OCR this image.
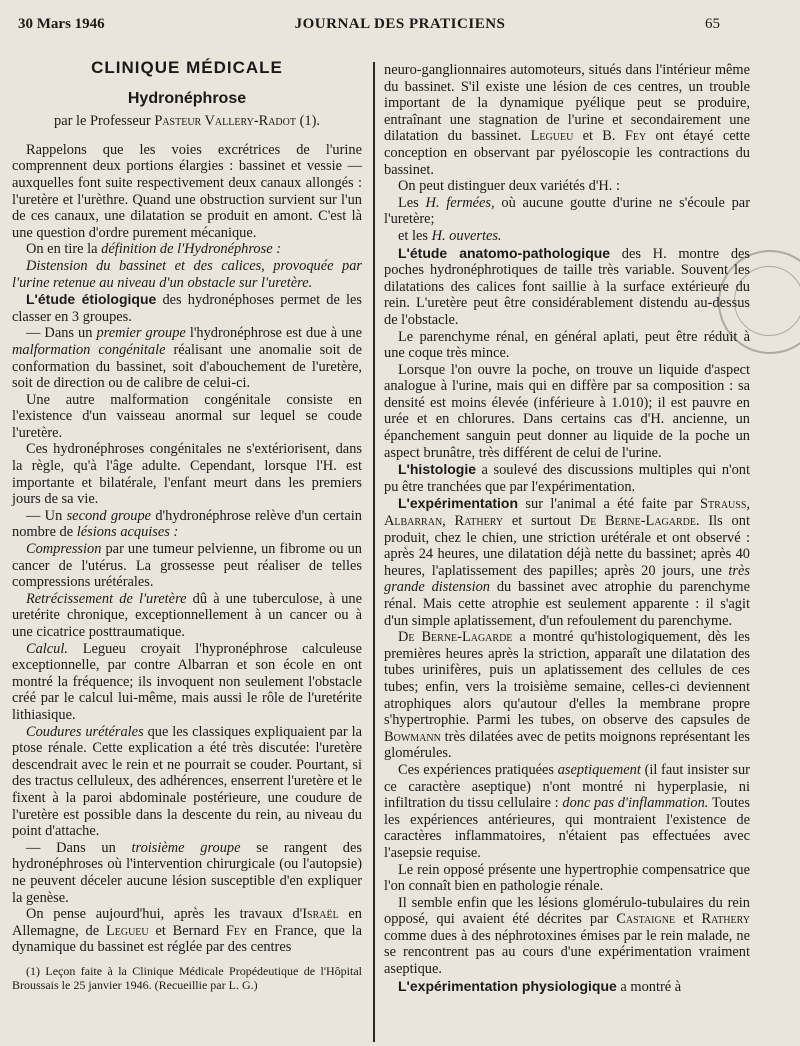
30 Mars 1946	JOURNAL DES PRATICIENS	65
CLINIQUE MÉDICALE
Hydronéphrose
par le Professeur Pasteur Vallery-Radot (1).

Rappelons que les voies excrétrices de l'urine comprennent deux portions élargies : bassinet et vessie — auxquelles font suite respectivement deux canaux allongés : l'uretère et l'urèthre. Quand une obstruction survient sur l'un de ces canaux, une dilatation se produit en amont. C'est là une question d'ordre purement mécanique.

On en tire la définition de l'Hydronéphrose :

Distension du bassinet et des calices, provoquée par l'urine retenue au niveau d'un obstacle sur l'uretère.

L'étude étiologique des hydronéphoses permet de les classer en 3 groupes.

— Dans un premier groupe l'hydronéphrose est due à une malformation congénitale réalisant une anomalie soit de conformation du bassinet, soit d'abouchement de l'uretère, soit de direction ou de calibre de celui-ci.

Une autre malformation congénitale consiste en l'existence d'un vaisseau anormal sur lequel se coude l'uretère.

Ces hydronéphroses congénitales ne s'extériorisent, dans la règle, qu'à l'âge adulte. Cependant, lorsque l'H. est importante et bilatérale, l'enfant meurt dans les premiers jours de sa vie.

— Un second groupe d'hydronéphrose relève d'un certain nombre de lésions acquises :

Compression par une tumeur pelvienne, un fibrome ou un cancer de l'utérus. La grossesse peut réaliser de telles compressions urétérales.

Retrécissement de l'uretère dû à une tuberculose, à une uretérite chronique, exceptionnellement à un cancer ou à une cicatrice posttraumatique.

Calcul. Legueu croyait l'hypronéphrose calculeuse exceptionnelle, par contre Albarran et son école en ont montré la fréquence; ils invoquent non seulement l'obstacle créé par le calcul lui-même, mais aussi le rôle de l'uretérite lithiasique.

Coudures urétérales que les classiques expliquaient par la ptose rénale. Cette explication a été très discutée: l'uretère descendrait avec le rein et ne pourrait se couder. Pourtant, si des tractus celluleux, des adhérences, enserrent l'uretère et le fixent à la paroi abdominale postérieure, une coudure de l'uretère est possible dans la descente du rein, au niveau du point d'attache.

— Dans un troisième groupe se rangent des hydronéphroses où l'intervention chirurgicale (ou l'autopsie) ne peuvent déceler aucune lésion susceptible d'en expliquer la genèse.

On pense aujourd'hui, après les travaux d'Israël en Allemagne, de Legueu et Bernard Fey en France, que la dynamique du bassinet est réglée par des centres

(1) Leçon faite à la Clinique Médicale Propédeutique de l'Hôpital Broussais le 25 janvier 1946. (Recueillie par L. G.)

neuro-ganglionnaires automoteurs, situés dans l'intérieur même du bassinet. S'il existe une lésion de ces centres, un trouble important de la dynamique pyélique peut se produire, entraînant une stagnation de l'urine et secondairement une dilatation du bassinet. Legueu et B. Fey ont étayé cette conception en observant par pyéloscopie les contractions du bassinet.

On peut distinguer deux variétés d'H. :

Les H. fermées, où aucune goutte d'urine ne s'écoule par l'uretère;

et les H. ouvertes.

L'étude anatomo-pathologique des H. montre des poches hydronéphrotiques de taille très variable. Souvent les dilatations des calices font saillie à la surface extérieure du rein. L'uretère peut être considérablement distendu au-dessus de l'obstacle.

Le parenchyme rénal, en général aplati, peut être réduit à une coque très mince.

Lorsque l'on ouvre la poche, on trouve un liquide d'aspect analogue à l'urine, mais qui en diffère par sa composition : sa densité est moins élevée (inférieure à 1.010); il est pauvre en urée et en chlorures. Dans certains cas d'H. ancienne, un épanchement sanguin peut donner au liquide de la poche un aspect brunâtre, très différent de celui de l'urine.

L'histologie a soulevé des discussions multiples qui n'ont pu être tranchées que par l'expérimentation.

L'expérimentation sur l'animal a été faite par Strauss, Albarran, Rathery et surtout De Berne-Lagarde. Ils ont produit, chez le chien, une striction urétérale et ont observé : après 24 heures, une dilatation déjà nette du bassinet; après 40 heures, l'aplatissement des papilles; après 20 jours, une très grande distension du bassinet avec atrophie du parenchyme rénal. Mais cette atrophie est seulement apparente : il s'agit d'un simple aplatissement, d'un refoulement du parenchyme.

De Berne-Lagarde a montré qu'histologiquement, dès les premières heures après la striction, apparaît une dilatation des tubes urinifères, puis un aplatissement des cellules de ces tubes; enfin, vers la troisième semaine, celles-ci deviennent atrophiques alors qu'autour d'elles la membrane propre s'hypertrophie. Parmi les tubes, on observe des capsules de Bowmann très dilatées avec de petits moignons représentant les glomérules.

Ces expériences pratiquées aseptiquement (il faut insister sur ce caractère aseptique) n'ont montré ni hyperplasie, ni infiltration du tissu cellulaire : donc pas d'inflammation. Toutes les expériences antérieures, qui montraient l'existence de caractères inflammatoires, n'étaient pas effectuées avec l'asepsie requise.

Le rein opposé présente une hypertrophie compensatrice que l'on connaît bien en pathologie rénale.

Il semble enfin que les lésions glomérulo-tubulaires du rein opposé, qui avaient été décrites par Castaigne et Rathery comme dues à des néphrotoxines émises par le rein malade, ne se rencontrent pas au cours d'une expérimentation vraiment aseptique.

L'expérimentation physiologique a montré à
